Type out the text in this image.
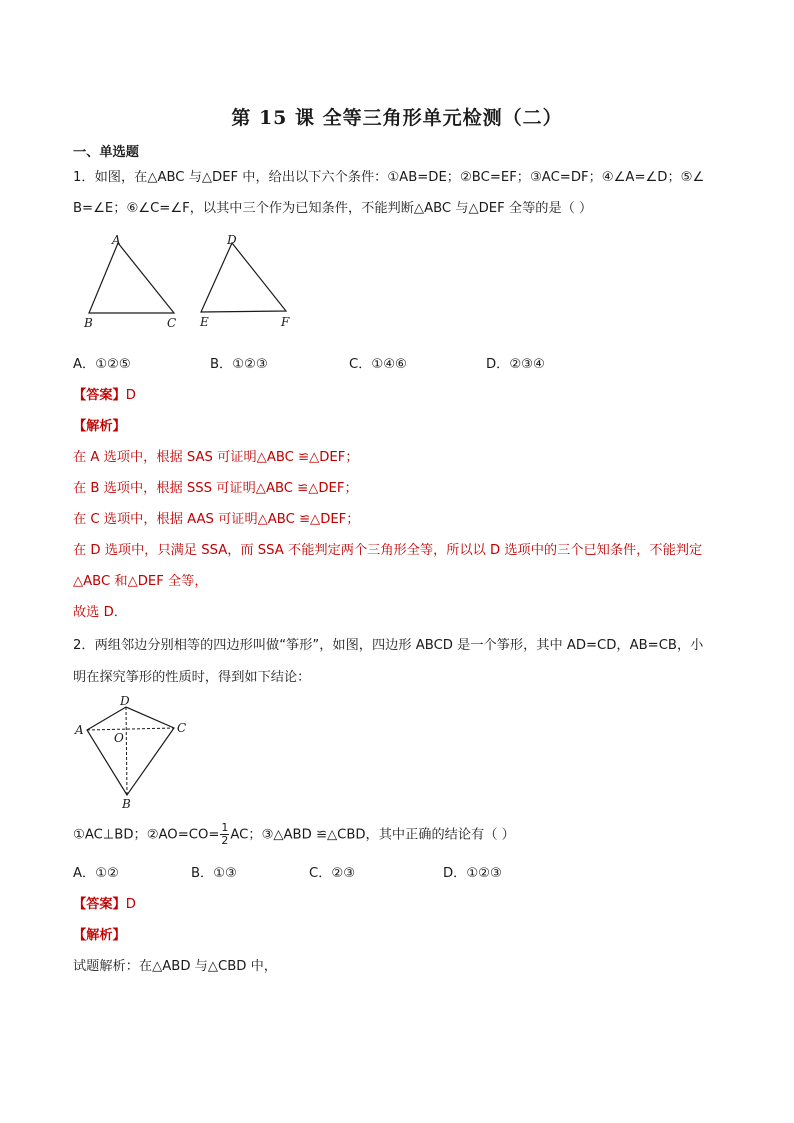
第 15 课 全等三角形单元检测（二）
一、单选题
1．如图，在△ABC 与△DEF 中，给出以下六个条件：①AB=DE；②BC=EF；③AC=DF；④∠A=∠D；⑤∠
B=∠E；⑥∠C=∠F，以其中三个作为已知条件，不能判断△ABC 与△DEF 全等的是（ ）
A
B	C
D
E	F
A．①②⑤	B．①②③	C．①④⑥	D．②③④
【答案】D
【解析】
在 A 选项中，根据 SAS 可证明△ABC ≌△DEF；
在 B 选项中，根据 SSS 可证明△ABC ≌△DEF；
在 C 选项中，根据 AAS 可证明△ABC ≌△DEF；
在 D 选项中，只满足 SSA，而 SSA 不能判定两个三角形全等，所以以 D 选项中的三个已知条件，不能判定
△ABC 和△DEF 全等，
故选 D．
2．两组邻边分别相等的四边形叫做“筝形”，如图，四边形 ABCD 是一个筝形，其中 AD=CD，AB=CB，小
明在探究筝形的性质时，得到如下结论：
D
A	C
O
B
①AC⊥BD；②AO=CO= $\frac{1}{2}$ AC；③△ABD ≌△CBD，其中正确的结论有（ ）
A．①②	B．①③	C．②③	D．①②③
【答案】D
【解析】
试题解析：在△ABD 与△CBD 中，
